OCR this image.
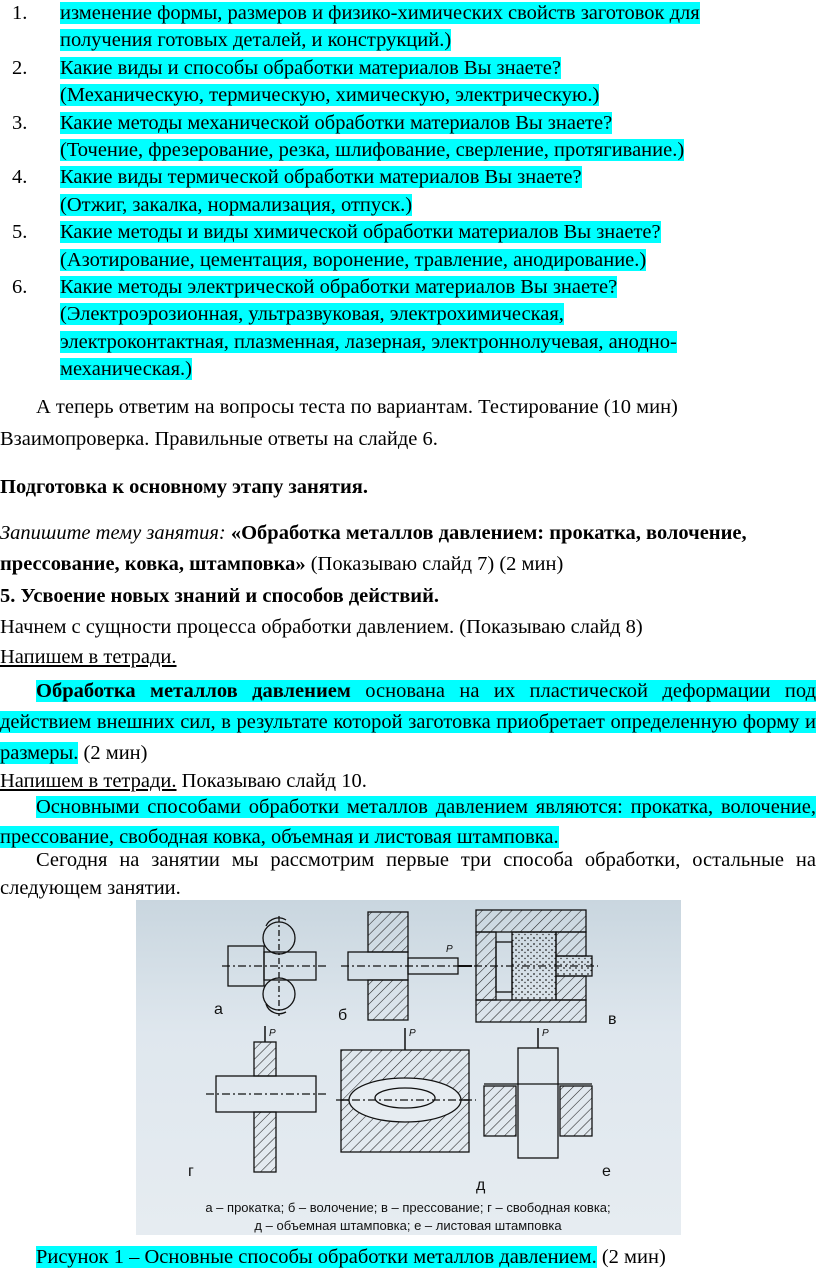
1. изменение формы, размеров и физико-химических свойств заготовок для
получения готовых деталей, и конструкций.)
2. Какие виды и способы обработки материалов Вы знаете?
(Механическую, термическую, химическую, электрическую.)
3. Какие методы механической обработки материалов Вы знаете?
(Точение, фрезерование, резка, шлифование, сверление, протягивание.)
4. Какие виды термической обработки материалов Вы знаете?
(Отжиг, закалка, нормализация, отпуск.)
5. Какие методы и виды химической обработки материалов Вы знаете?
(Азотирование, цементация, воронение, травление, анодирование.)
6. Какие методы электрической обработки материалов Вы знаете?
(Электроэрозионная, ультразвуковая, электрохимическая,
электроконтактная, плазменная, лазерная, электроннолучевая, анодно-
механическая.)
А теперь ответим на вопросы теста по вариантам. Тестирование (10 мин)
Взаимопроверка. Правильные ответы на слайде 6.
Подготовка к основному этапу занятия.
Запишите тему занятия: «Обработка металлов давлением: прокатка, волочение, прессование, ковка, штамповка» (Показываю слайд 7) (2 мин)
5. Усвоение новых знаний и способов действий.
Начнем с сущности процесса обработки давлением. (Показываю слайд 8)
Напишем в тетради.
Обработка металлов давлением основана на их пластической деформации под действием внешних сил, в результате которой заготовка приобретает определенную форму и размеры. (2 мин)
Напишем в тетради. Показываю слайд 10.
Основными способами обработки металлов давлением являются: прокатка, волочение, прессование, свободная ковка, объемная и листовая штамповка.
Сегодня на занятии мы рассмотрим первые три способа обработки, остальные на следующем занятии.
а	б	в
г
д
е
P
P	P	P
а – прокатка; б – волочение; в – прессование; г – свободная ковка;
д – объемная штамповка; е – листовая штамповка
Рисунок 1 – Основные способы обработки металлов давлением. (2 мин)
